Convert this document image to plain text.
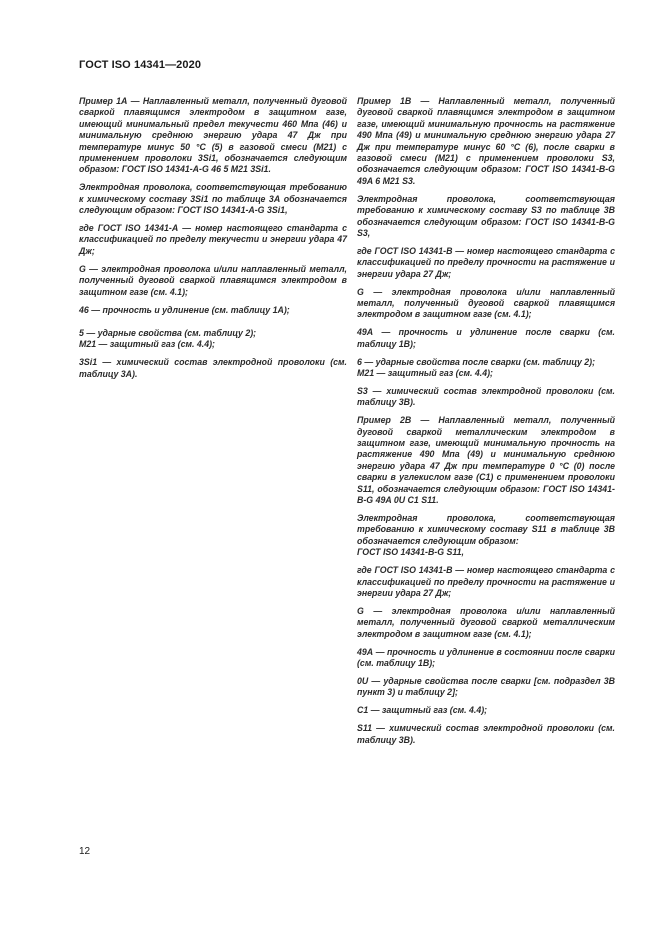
ГОСТ ISO 14341—2020

Пример 1А — Наплавленный металл, полученный дуговой сваркой плавящимся электродом в защитном газе, имеющий минимальный предел текучести 460 Мпа (46) и минимальную среднюю энергию удара 47 Дж при температуре минус 50 °С (5) в газовой смеси (М21) с применением проволоки 3Si1, обозначается следующим образом: ГОСТ ISO 14341-A-G 46 5 M21 3Si1.

Электродная проволока, соответствующая требованию к химическому составу 3Si1 по таблице 3А обозначается следующим образом: ГОСТ ISO 14341-A-G 3Si1,

где ГОСТ ISO 14341-А — номер настоящего стандарта с классификацией по пределу текучести и энергии удара 47 Дж;

G — электродная проволока и/или наплавленный металл, полученный дуговой сваркой плавящимся электродом в защитном газе (см. 4.1);

46 — прочность и удлинение (см. таблицу 1А);

5 — ударные свойства (см. таблицу 2);
М21 — защитный газ (см. 4.4);

3Si1 — химический состав электродной проволоки (см. таблицу 3А).

Пример 1В — Наплавленный металл, полученный дуговой сваркой плавящимся электродом в защитном газе, имеющий минимальную прочность на растяжение 490 Мпа (49) и минимальную среднюю энергию удара 27 Дж при температуре минус 60 °С (6), после сварки в газовой смеси (М21) с применением проволоки S3, обозначается следующим образом: ГОСТ ISO 14341-B-G 49A 6 M21 S3.

Электродная проволока, соответствующая требованию к химическому составу S3 по таблице 3В обозначается следующим образом: ГОСТ ISO 14341-B-G S3,

где ГОСТ ISO 14341-В — номер настоящего стандарта с классификацией по пределу прочности на растяжение и энергии удара 27 Дж;

G — электродная проволока и/или наплавленный металл, полученный дуговой сваркой плавящимся электродом в защитном газе (см. 4.1);

49А — прочность и удлинение после сварки (см. таблицу 1В);

6 — ударные свойства после сварки (см. таблицу 2);
М21 — защитный газ (см. 4.4);

S3 — химический состав электродной проволоки (см. таблицу 3В).

Пример 2В — Наплавленный металл, полученный дуговой сваркой металлическим электродом в защитном газе, имеющий минимальную прочность на растяжение 490 Мпа (49) и минимальную среднюю энергию удара 47 Дж при температуре 0 °С (0) после сварки в углекислом газе (С1) с применением проволоки S11, обозначается следующим образом: ГОСТ ISO 14341-B-G 49A 0U C1 S11.

Электродная проволока, соответствующая требованию к химическому составу S11 в таблице 3В обозначается следующим образом:
ГОСТ ISO 14341-B-G S11,

где ГОСТ ISO 14341-В — номер настоящего стандарта с классификацией по пределу прочности на растяжение и энергии удара 27 Дж;

G — электродная проволока и/или наплавленный металл, полученный дуговой сваркой металлическим электродом в защитном газе (см. 4.1);

49А — прочность и удлинение в состоянии после сварки (см. таблицу 1В);

0U — ударные свойства после сварки [см. подраздел 3В пункт 3) и таблицу 2];

С1 — защитный газ (см. 4.4);

S11 — химический состав электродной проволоки (см. таблицу 3В).

12
